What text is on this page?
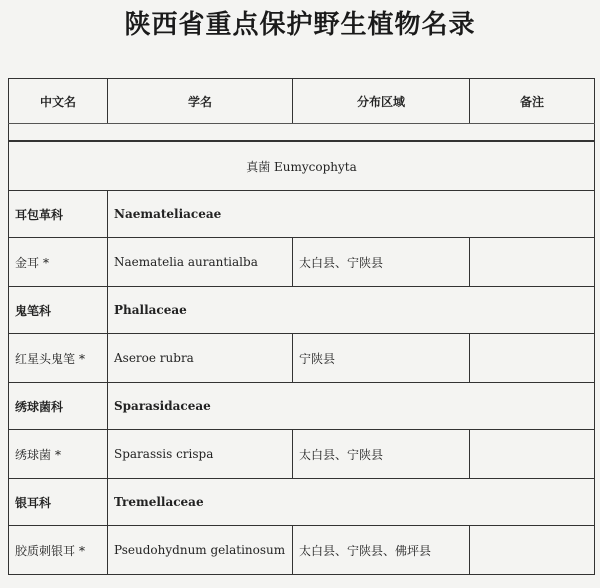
陕西省重点保护野生植物名录
中文名	学名	分布区域	备注

真菌 Eumycophyta			
耳包革科	Naemateliaceae		
金耳 *	Naematelia aurantialba	太白县、宁陕县	
鬼笔科	Phallaceae		
红星头鬼笔 *	Aseroe rubra	宁陕县	
绣球菌科	Sparasidaceae		
绣球菌 *	Sparassis crispa	太白县、宁陕县	
银耳科	Tremellaceae		
胶质刺银耳 *	Pseudohydnum gelatinosum	太白县、宁陕县、佛坪县	
